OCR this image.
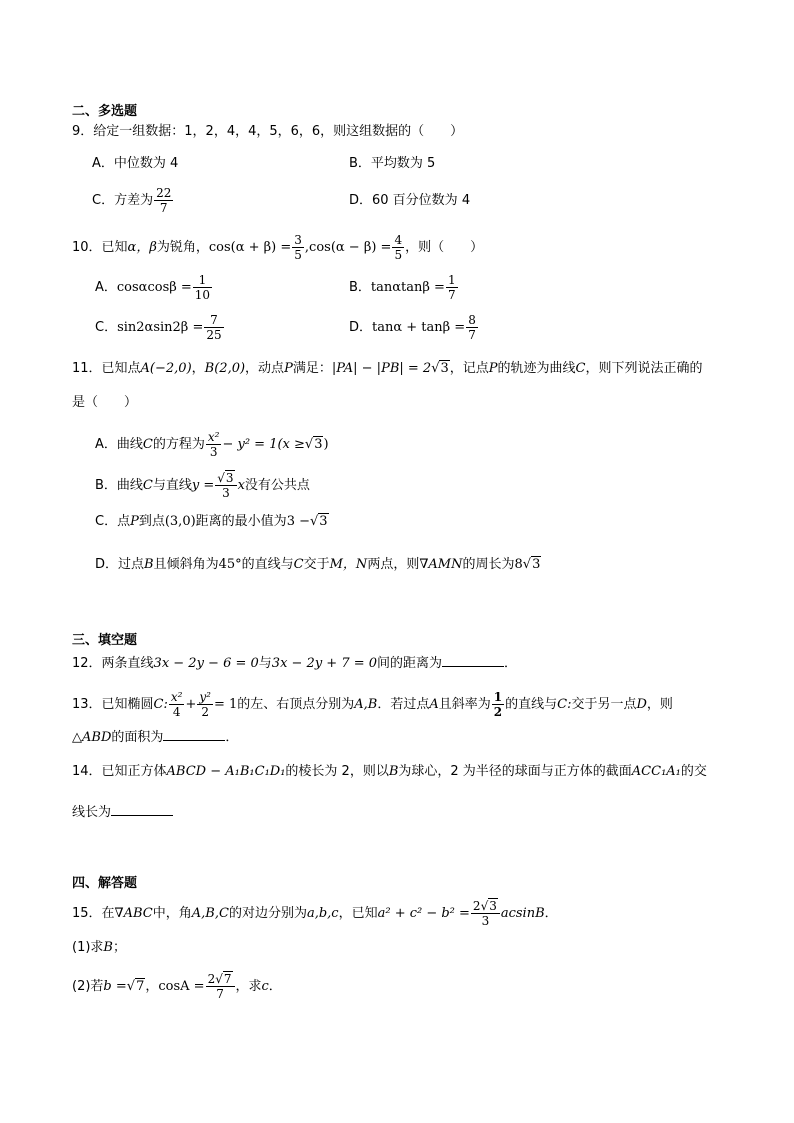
二、多选题
9．给定一组数据：1，2，4，4，5，6，6，则这组数据的（　　）
A．中位数为 4	B．平均数为 5
C．方差为 $\frac{22}{7}$	D．60 百分位数为 4
10．已知α，β为锐角，$\cos(\alpha + \beta) = \frac{3}{5} ,\cos(\alpha - \beta) = \frac{4}{5}$ ，则（　　）
A．$\cos\alpha\cos\beta = \frac{1}{10}$	B．$\tan\alpha\tan\beta = \frac{1}{7}$
C．$\sin 2\alpha\sin 2\beta = \frac{7}{25}$	D．$\tan\alpha + \tan\beta = \frac{8}{7}$
11．已知点A(−2,0)，B(2,0)，动点P满足：|PA| − |PB| = 2√3，记点P的轨迹为曲线C，则下列说法正确的
是（　　）
A．曲线C的方程为 $\frac{\text{x²}}{3} - y^2 = 1(x \ge√3)$
B．曲线C与直线$y = \frac{√3}{3}$ x没有公共点
C．点P到点(3,0)距离的最小值为3 −√3
D．过点B且倾斜角为45°的直线与C交于M，N两点，则∇AMN的周长为8√3
三、填空题
12．两条直线3x − 2y − 6 = 0与3x − 2y + 7 = 0间的距离为	．
13．已知椭圆C: $\frac{\text{x²}}{4} + \frac{\text{y²}}{2} = 1$的左、右顶点分别为A,B．若过点A且斜率为 $\frac{1}{2}$ 的直线与C:交于另一点D，则
△ABD的面积为	．
14．已知正方体ABCD − A₁B₁C₁D₁的棱长为 2，则以B为球心，2 为半径的球面与正方体的截面ACC₁A₁的交
线长为
四、解答题
15．在∇ABC中，角A,B,C的对边分别为a,b,c，已知$a^2 + c^2 - b^2 = \frac{2√3}{3}$ acsinB．
(1)求B；
(2)若b =√7，$\cos A = \frac{2√7}{7}$ ，求c．
